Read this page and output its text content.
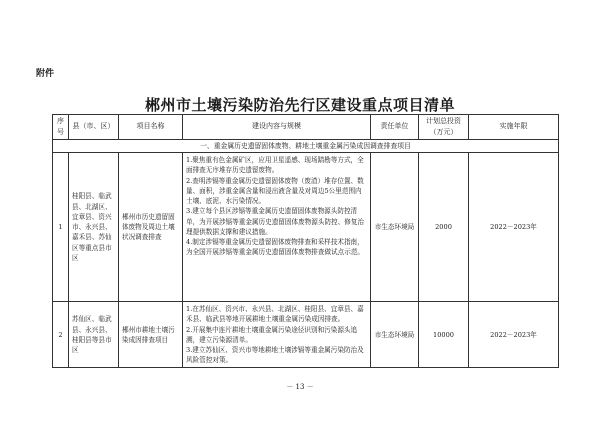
附件
郴州市土壤污染防治先行区建设重点项目清单
序号	县（市、区）	项目名称	建设内容与规模	责任单位	计划总投资（万元）	实施年限
一、重金属历史遗留固体废物、耕地土壤重金属污染成因调查排查项目						
1	桂阳县、临武县、北湖区、宜章县、资兴市、永兴县、嘉禾县、苏仙区等重点县市区	郴州市历史遗留固体废物及周边土壤状况调查排查	1.聚焦重有色金属矿区，应用卫星遥感、现场踏勘等方式，全面排查无序堆存历史遗留废物。
2.查明涉镉等重金属历史遗留固体废物（废渣）堆存位置、数量、面积，涉重金属含量和浸出液含量及对周边5公里范围内土壤、底泥、水污染情况。
3.建立每个县区涉镉等重金属历史遗留固体废物源头防控清单，为开展涉镉等重金属历史遗留固体废物源头防控、修复治理提供数据支撑和建议措施。
4.制定涉镉等重金属历史遗留固体废物排查和采样技术指南，为全国开展涉镉等重金属历史遗留固体废物排查做试点示范。	市生态环境局	2000	2022－2023年
2	苏仙区、临武县、永兴县、桂阳县等县市区	郴州市耕地土壤污染成因排查项目	1.在苏仙区、资兴市、永兴县、北湖区、桂阳县、宜章县、嘉禾县、临武县等地开展耕地土壤重金属污染成因排查。
2.开展集中连片耕地土壤重金属污染途径识别和污染源头追溯，建立污染源清单。
3.建立苏仙区、资兴市等地耕地土壤涉镉等重金属污染防治及风险管控对策。	市生态环境局	10000	2022－2023年
－ 13 －
